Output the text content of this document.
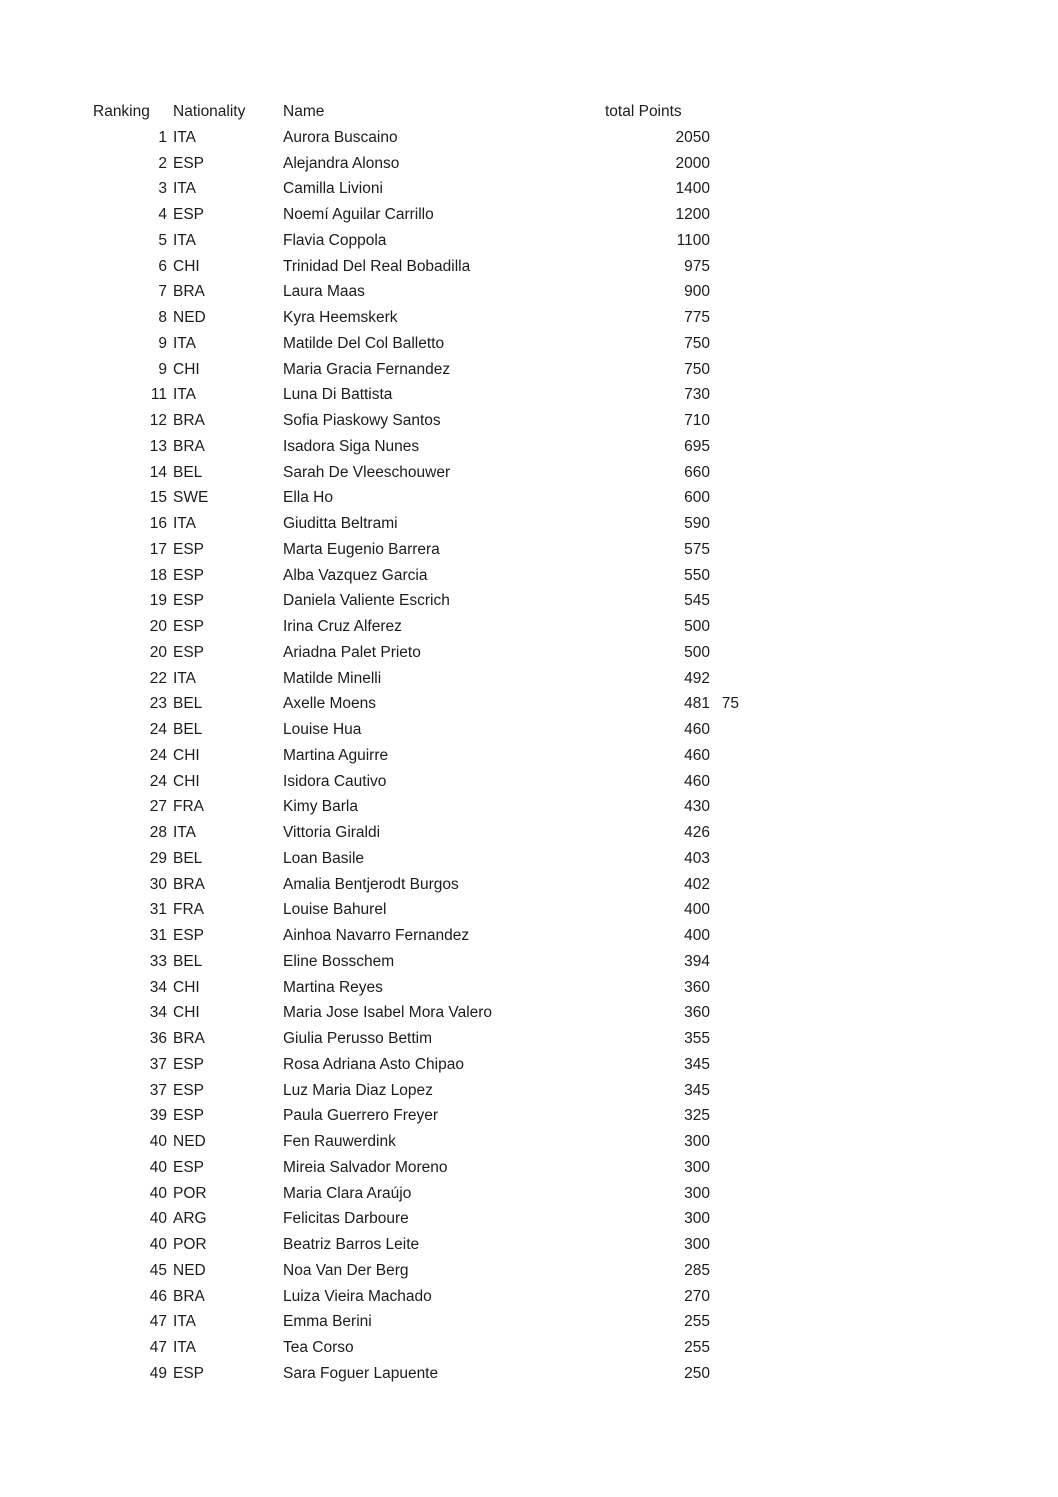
Ranking	Nationality	Name	total Points
1 ITA	Aurora Buscaino	2050
2 ESP	Alejandra Alonso	2000
3 ITA	Camilla Livioni	1400
4 ESP	Noemí Aguilar Carrillo	1200
5 ITA	Flavia Coppola	1100
6 CHI	Trinidad Del Real Bobadilla	975
7 BRA	Laura Maas	900
8 NED	Kyra Heemskerk	775
9 ITA	Matilde Del Col Balletto	750
9 CHI	Maria Gracia Fernandez	750
11 ITA	Luna Di Battista	730
12 BRA	Sofia Piaskowy Santos	710
13 BRA	Isadora Siga Nunes	695
14 BEL	Sarah De Vleeschouwer	660
15 SWE	Ella Ho	600
16 ITA	Giuditta Beltrami	590
17 ESP	Marta Eugenio Barrera	575
18 ESP	Alba Vazquez Garcia	550
19 ESP	Daniela Valiente Escrich	545
20 ESP	Irina Cruz Alferez	500
20 ESP	Ariadna Palet Prieto	500
22 ITA	Matilde Minelli	492
23 BEL	Axelle Moens	481 75
24 BEL	Louise Hua	460
24 CHI	Martina Aguirre	460
24 CHI	Isidora Cautivo	460
27 FRA	Kimy Barla	430
28 ITA	Vittoria Giraldi	426
29 BEL	Loan Basile	403
30 BRA	Amalia Bentjerodt Burgos	402
31 FRA	Louise Bahurel	400
31 ESP	Ainhoa Navarro Fernandez	400
33 BEL	Eline Bosschem	394
34 CHI	Martina Reyes	360
34 CHI	Maria Jose Isabel Mora Valero	360
36 BRA	Giulia Perusso Bettim	355
37 ESP	Rosa Adriana Asto Chipao	345
37 ESP	Luz Maria Diaz Lopez	345
39 ESP	Paula Guerrero Freyer	325
40 NED	Fen Rauwerdink	300
40 ESP	Mireia Salvador Moreno	300
40 POR	Maria Clara Araújo	300
40 ARG	Felicitas Darboure	300
40 POR	Beatriz Barros Leite	300
45 NED	Noa Van Der Berg	285
46 BRA	Luiza Vieira Machado	270
47 ITA	Emma Berini	255
47 ITA	Tea Corso	255
49 ESP	Sara Foguer Lapuente	250
